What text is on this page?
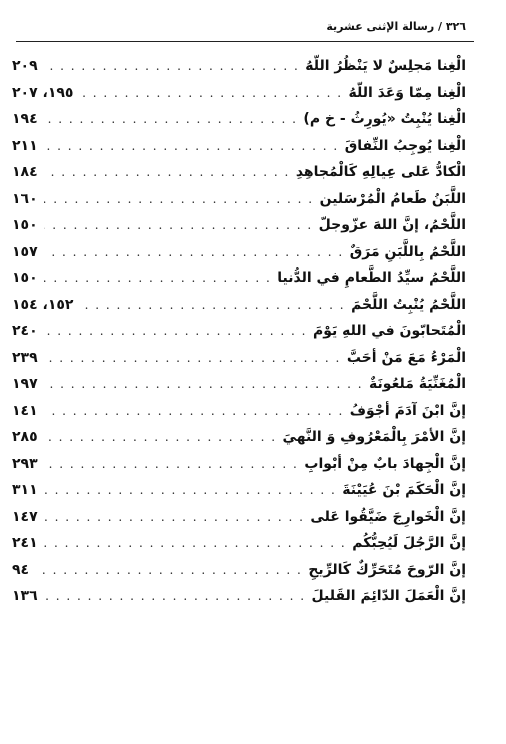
٣٢٦ / رسالة الإثنى عشرية
الْغِنا مَجلِسٌ لا يَنْظُرُ اللّهُ
. . .
٢٠٩
الْغِنا مِمّا وَعَدَ اللّهُ
. . .
١٩٥، ٢٠٧
الْغِنا يُنْبِتُ «يُورِثُ - خ م)
. . .
١٩٤
الْغِنا يُوجِبُ النِّفاقَ
. . .
٢١١
الْكادُّ عَلى عِيالِهِ كَالْمُجاهِدِ
. . .
١٨٤
اللَّبَنُ طَعامُ الْمُرْسَلين
. . .
١٦٠
اللَّحْمُ، إنَّ اللهَ عزّوجلّ
. . .
١٥٠
اللَّحْمُ بِاللَّبَنِ مَرَقٌ
. . .
١٥٧
اللَّحْمُ سيِّدُ الطَّعامِ في الدُّنيا
. . .
١٥٠
اللَّحْمُ يُنْبِتُ اللَّحْمَ
. . .
١٥٢، ١٥٤
الْمُتَحابّونَ في اللهِ يَوْمَ
. . .
٢٤٠
الْمَرْءُ مَعَ مَنْ أحَبَّ
. . .
٢٣٩
الْمُغَنِّيَةُ مَلعُونَةٌ
. . .
١٩٧
إنَّ ابْنَ آدَمَ أجْوَفُ
. . .
١٤١
إنَّ الأمْرَ بِالْمَعْرُوفِ وَ النَّهيَ
. . .
٢٨٥
إنَّ الْجِهادَ بابٌ مِنْ أبْوابِ
. . .
٢٩٣
إنَّ الْحَكَمَ بْنَ عُيَيْنَةَ
. . .
٣١١
إنَّ الْخَوارِجَ ضَيَّقُوا عَلى
. . .
١٤٧
إنَّ الرَّجُلَ لَيُحِبُّكُم
. . .
٢٤١
إنَّ الرّوحَ مُتَحَرِّكٌ كَالرِّيحِ
. . .
٩٤
إنَّ الْعَمَلَ الدّائِمَ القَليلَ
. . .
١٣٦
